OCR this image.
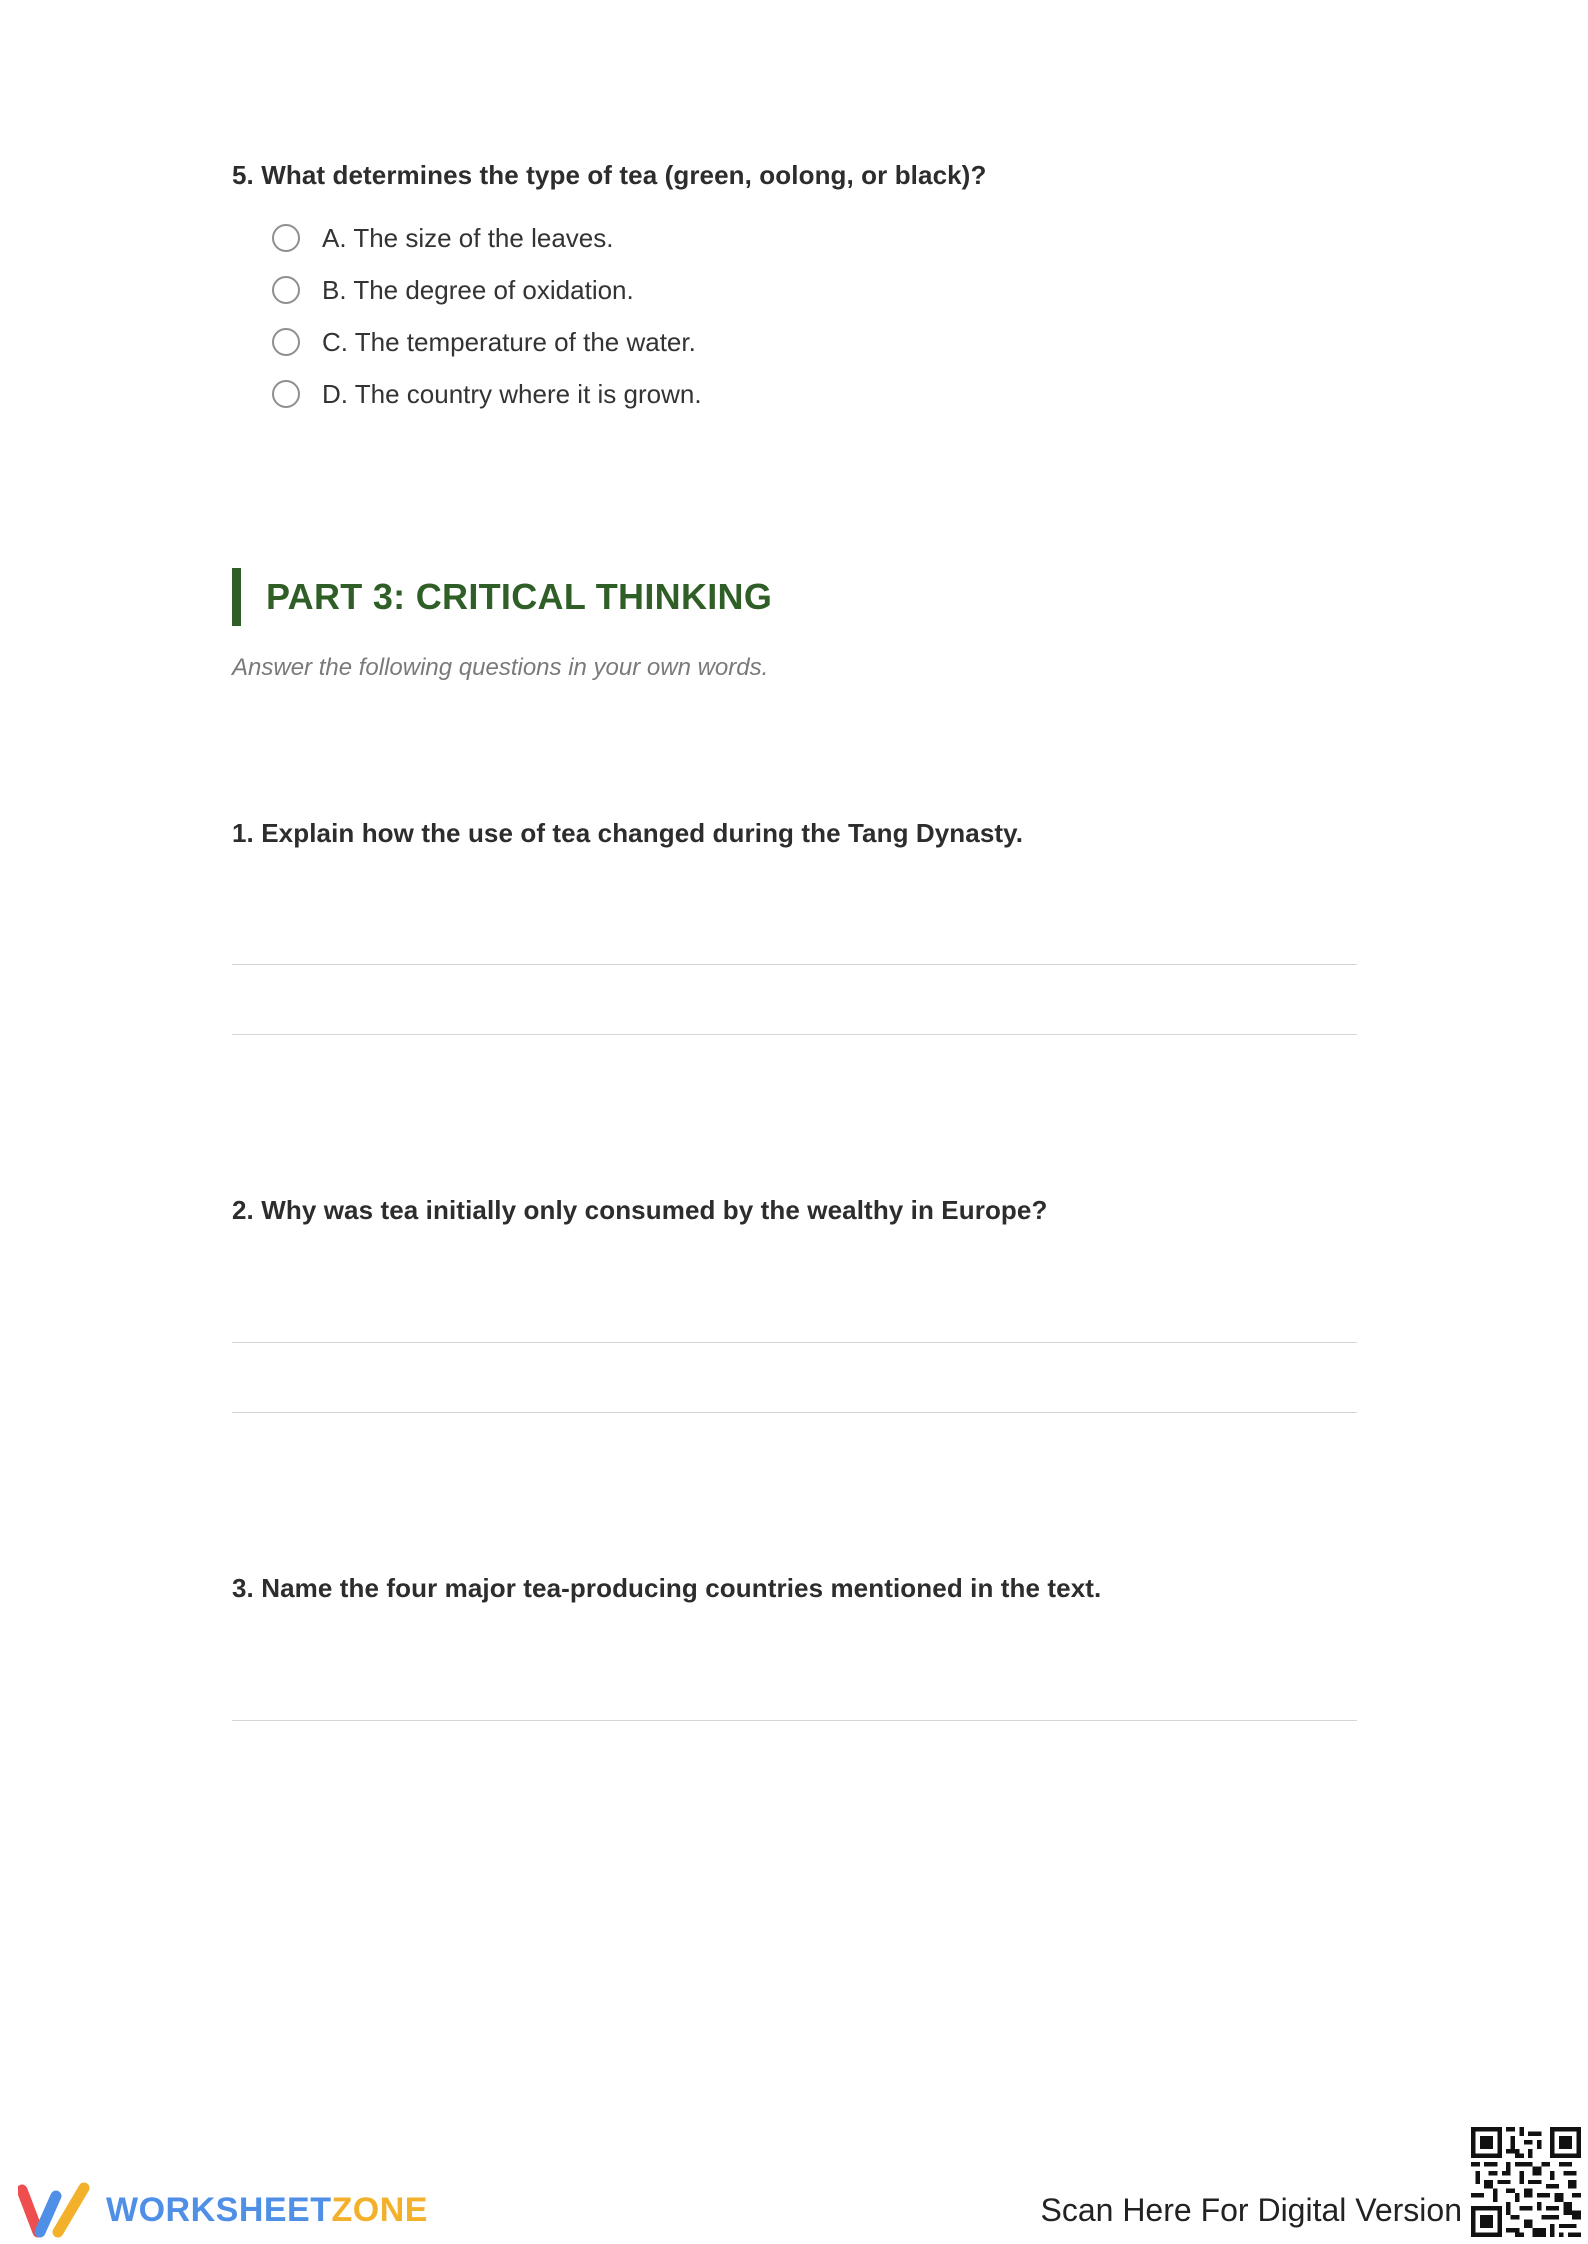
5. What determines the type of tea (green, oolong, or black)?

A. The size of the leaves.
B. The degree of oxidation.
C. The temperature of the water.
D. The country where it is grown.
PART 3: CRITICAL THINKING

Answer the following questions in your own words.

1. Explain how the use of tea changed during the Tang Dynasty.

2. Why was tea initially only consumed by the wealthy in Europe?

3. Name the four major tea-producing countries mentioned in the text.

WORKSHEETZONE	Scan Here For Digital Version
